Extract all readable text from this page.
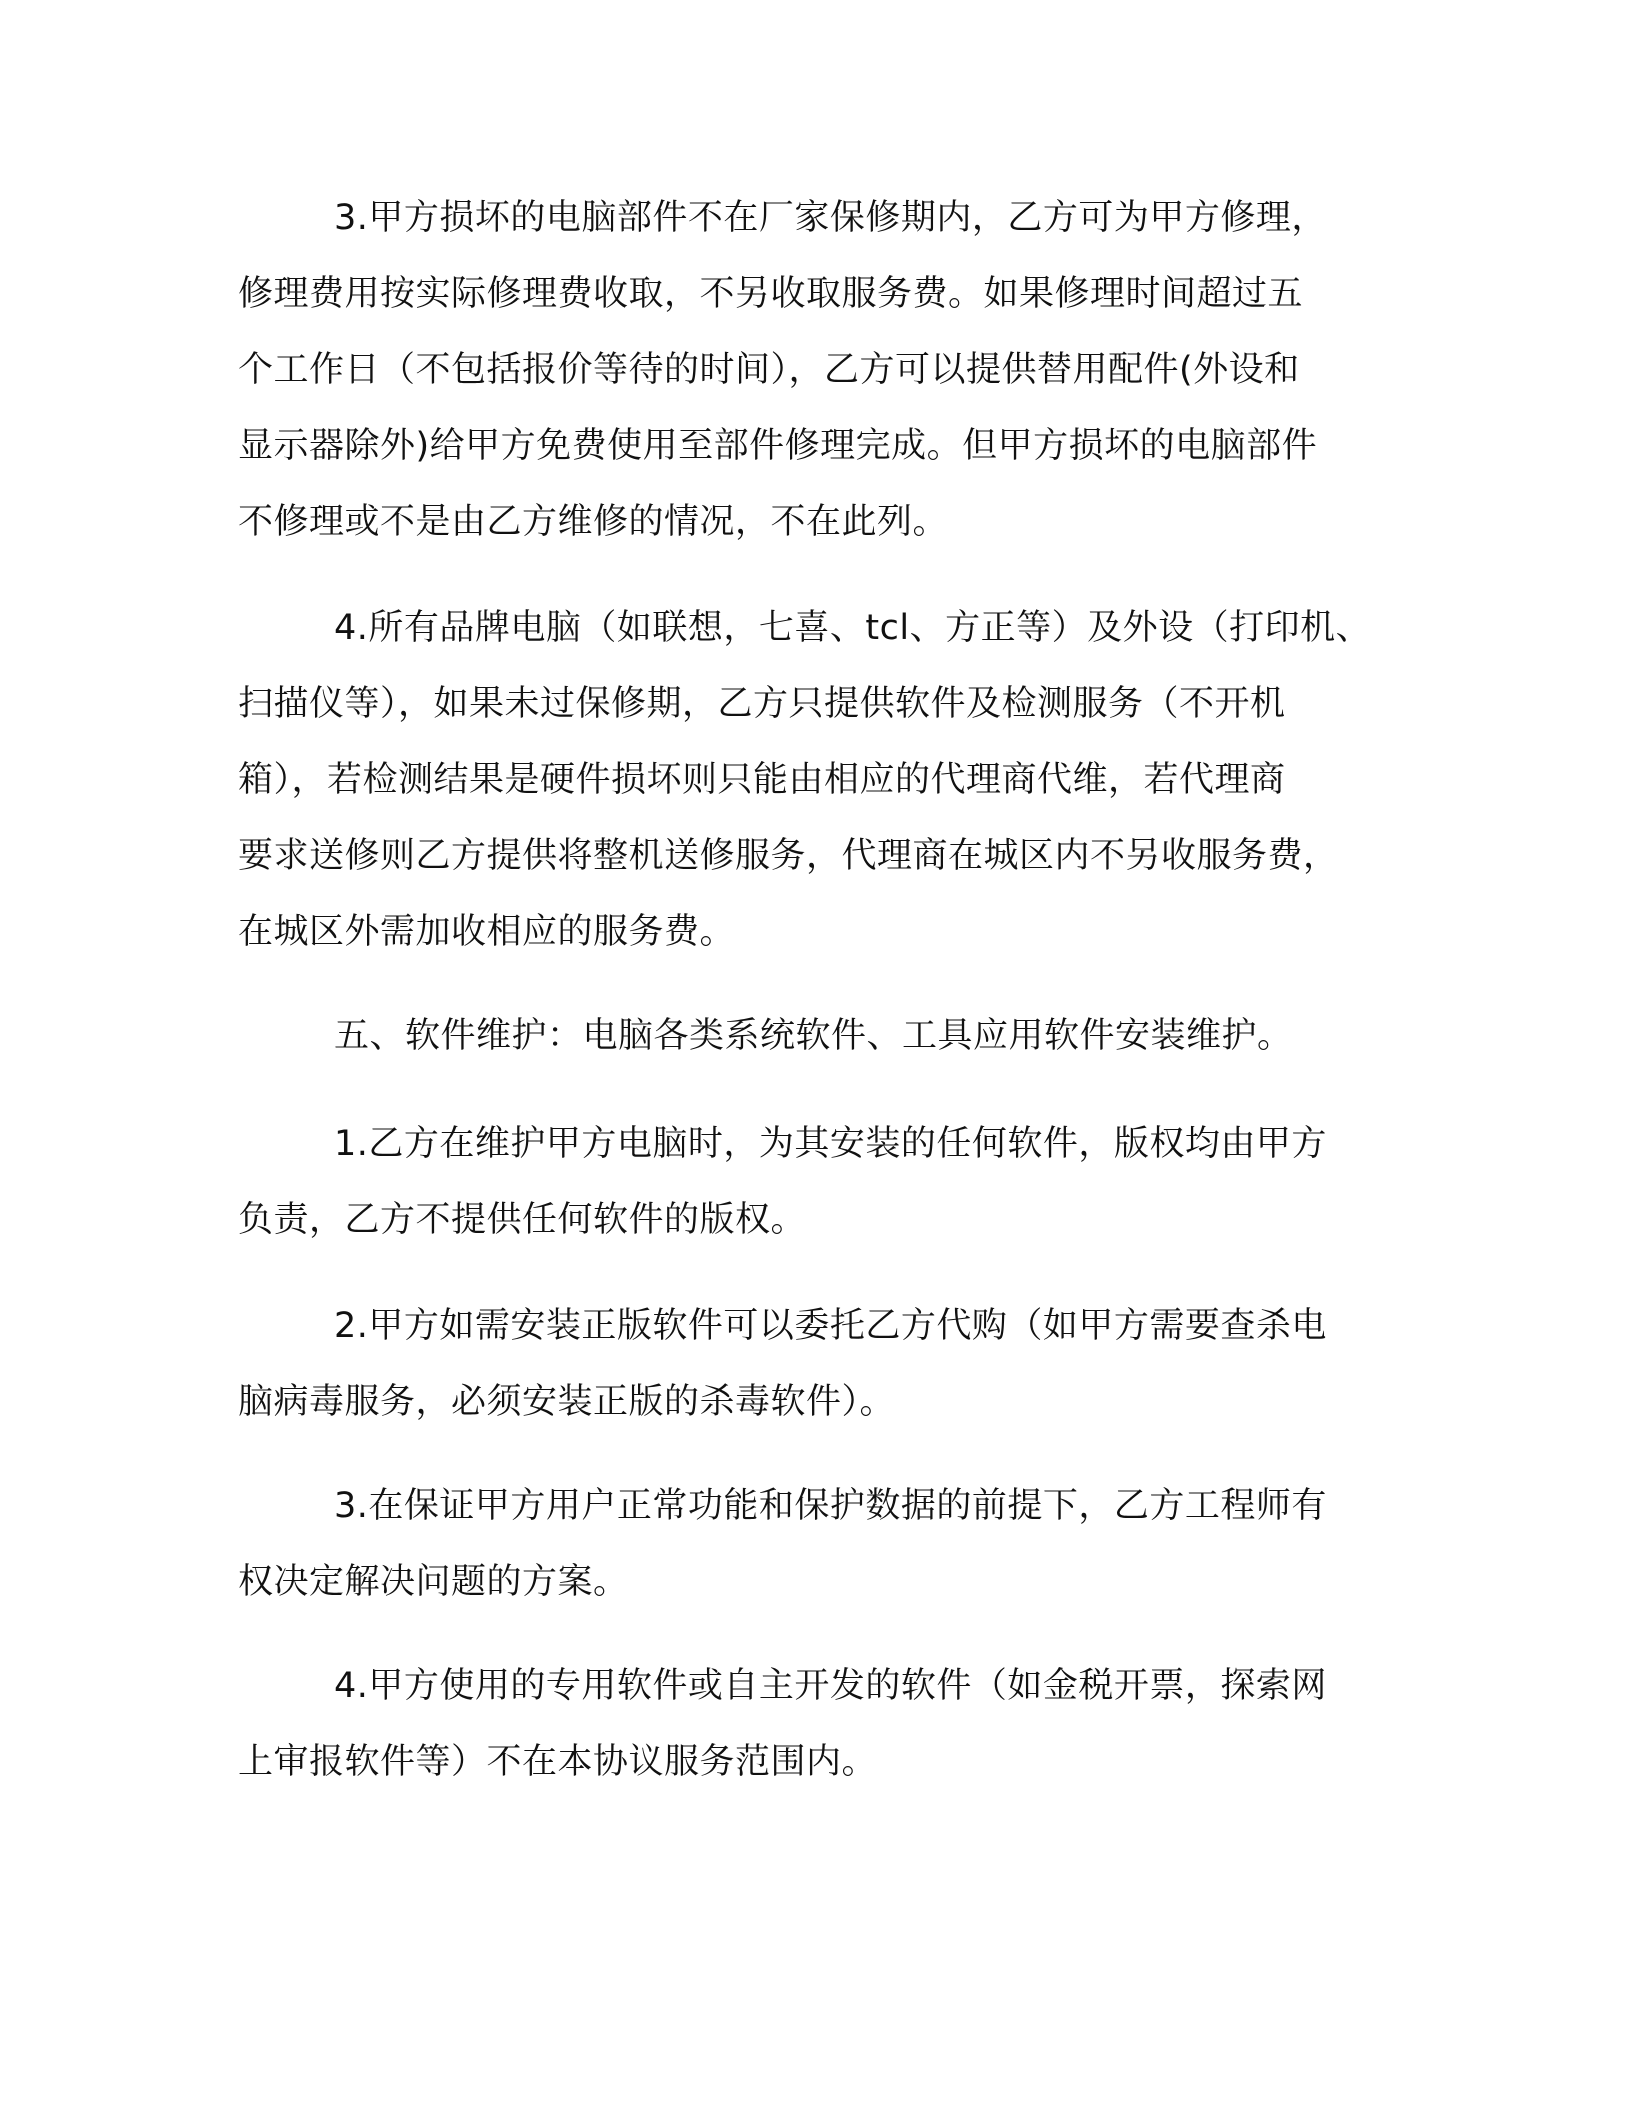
3.甲方损坏的电脑部件不在厂家保修期内，乙方可为甲方修理，
修理费用按实际修理费收取，不另收取服务费。如果修理时间超过五
个工作日（不包括报价等待的时间），乙方可以提供替用配件(外设和
显示器除外)给甲方免费使用至部件修理完成。但甲方损坏的电脑部件
不修理或不是由乙方维修的情况，不在此列。

4.所有品牌电脑（如联想，七喜、tcl、方正等）及外设（打印机、
扫描仪等），如果未过保修期，乙方只提供软件及检测服务（不开机
箱），若检测结果是硬件损坏则只能由相应的代理商代维，若代理商
要求送修则乙方提供将整机送修服务，代理商在城区内不另收服务费，
在城区外需加收相应的服务费。

五、软件维护：电脑各类系统软件、工具应用软件安装维护。

1.乙方在维护甲方电脑时，为其安装的任何软件，版权均由甲方
负责，乙方不提供任何软件的版权。

2.甲方如需安装正版软件可以委托乙方代购（如甲方需要查杀电
脑病毒服务，必须安装正版的杀毒软件）。

3.在保证甲方用户正常功能和保护数据的前提下，乙方工程师有
权决定解决问题的方案。

4.甲方使用的专用软件或自主开发的软件（如金税开票，探索网
上审报软件等）不在本协议服务范围内。
